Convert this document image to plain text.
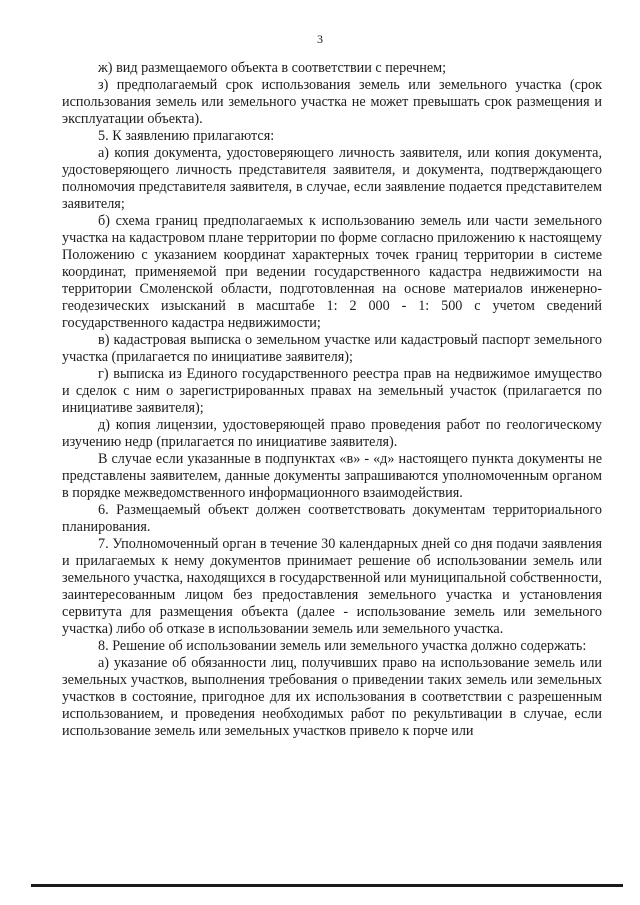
3

ж) вид размещаемого объекта в соответствии с перечнем;

з) предполагаемый срок использования земель или земельного участка (срок использования земель или земельного участка не может превышать срок размещения и эксплуатации объекта).

5. К заявлению прилагаются:

а) копия документа, удостоверяющего личность заявителя, или копия документа, удостоверяющего личность представителя заявителя, и документа, подтверждающего полномочия представителя заявителя, в случае, если заявление подается представителем заявителя;

б) схема границ предполагаемых к использованию земель или части земельного участка на кадастровом плане территории по форме согласно приложению к настоящему Положению с указанием координат характерных точек границ территории в системе координат, применяемой при ведении государственного кадастра недвижимости на территории Смоленской области, подготовленная на основе материалов инженерно-геодезических изысканий в масштабе 1: 2 000 - 1: 500 с учетом сведений государственного кадастра недвижимости;

в) кадастровая выписка о земельном участке или кадастровый паспорт земельного участка (прилагается по инициативе заявителя);

г) выписка из Единого государственного реестра прав на недвижимое имущество и сделок с ним о зарегистрированных правах на земельный участок (прилагается по инициативе заявителя);

д) копия лицензии, удостоверяющей право проведения работ по геологическому изучению недр (прилагается по инициативе заявителя).

В случае если указанные в подпунктах «в» - «д» настоящего пункта документы не представлены заявителем, данные документы запрашиваются уполномоченным органом в порядке межведомственного информационного взаимодействия.

6. Размещаемый объект должен соответствовать документам территориального планирования.

7. Уполномоченный орган в течение 30 календарных дней со дня подачи заявления и прилагаемых к нему документов принимает решение об использовании земель или земельного участка, находящихся в государственной или муниципальной собственности, заинтересованным лицом без предоставления земельного участка и установления сервитута для размещения объекта (далее - использование земель или земельного участка) либо об отказе в использовании земель или земельного участка.

8. Решение об использовании земель или земельного участка должно содержать:

а) указание об обязанности лиц, получивших право на использование земель или земельных участков, выполнения требования о приведении таких земель или земельных участков в состояние, пригодное для их использования в соответствии с разрешенным использованием, и проведения необходимых работ по рекультивации в случае, если использование земель или земельных участков привело к порче или
